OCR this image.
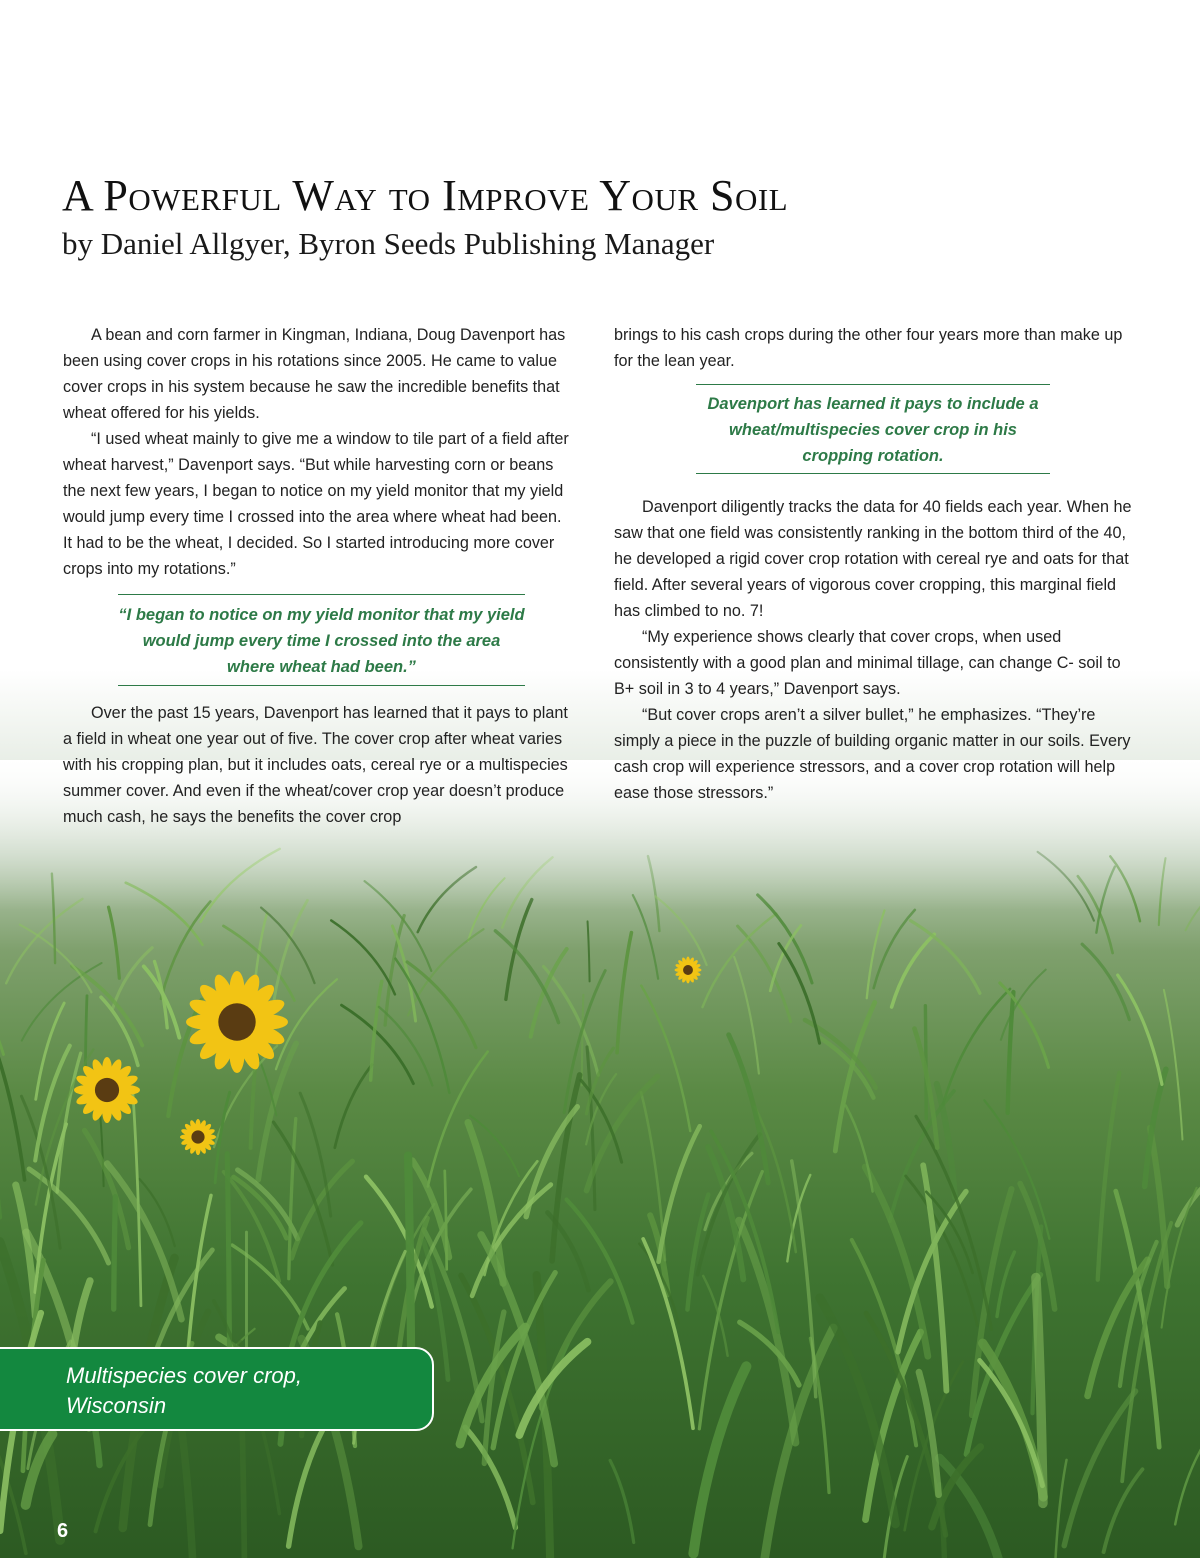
A Powerful Way to Improve Your Soil
by Daniel Allgyer, Byron Seeds Publishing Manager

A bean and corn farmer in Kingman, Indiana, Doug Davenport has been using cover crops in his rotations since 2005. He came to value cover crops in his system because he saw the incredible benefits that wheat offered for his yields.

“I used wheat mainly to give me a window to tile part of a field after wheat harvest,” Davenport says. “But while harvesting corn or beans the next few years, I began to notice on my yield monitor that my yield would jump every time I crossed into the area where wheat had been. It had to be the wheat, I decided. So I started introducing more cover crops into my rotations.”

“I began to notice on my yield monitor that my yield would jump every time I crossed into the area where wheat had been.”

Over the past 15 years, Davenport has learned that it pays to plant a field in wheat one year out of five. The cover crop after wheat varies with his cropping plan, but it includes oats, cereal rye or a multispecies summer cover. And even if the wheat/cover crop year doesn’t produce much cash, he says the benefits the cover crop

brings to his cash crops during the other four years more than make up for the lean year.

Davenport has learned it pays to include a wheat/multispecies cover crop in his cropping rotation.

Davenport diligently tracks the data for 40 fields each year. When he saw that one field was consistently ranking in the bottom third of the 40, he developed a rigid cover crop rotation with cereal rye and oats for that field. After several years of vigorous cover cropping, this marginal field has climbed to no. 7!

“My experience shows clearly that cover crops, when used consistently with a good plan and minimal tillage, can change C- soil to B+ soil in 3 to 4 years,” Davenport says.

“But cover crops aren’t a silver bullet,” he emphasizes. “They’re simply a piece in the puzzle of building organic matter in our soils. Every cash crop will experience stressors, and a cover crop rotation will help ease those stressors.”

Multispecies cover crop,
Wisconsin
6
